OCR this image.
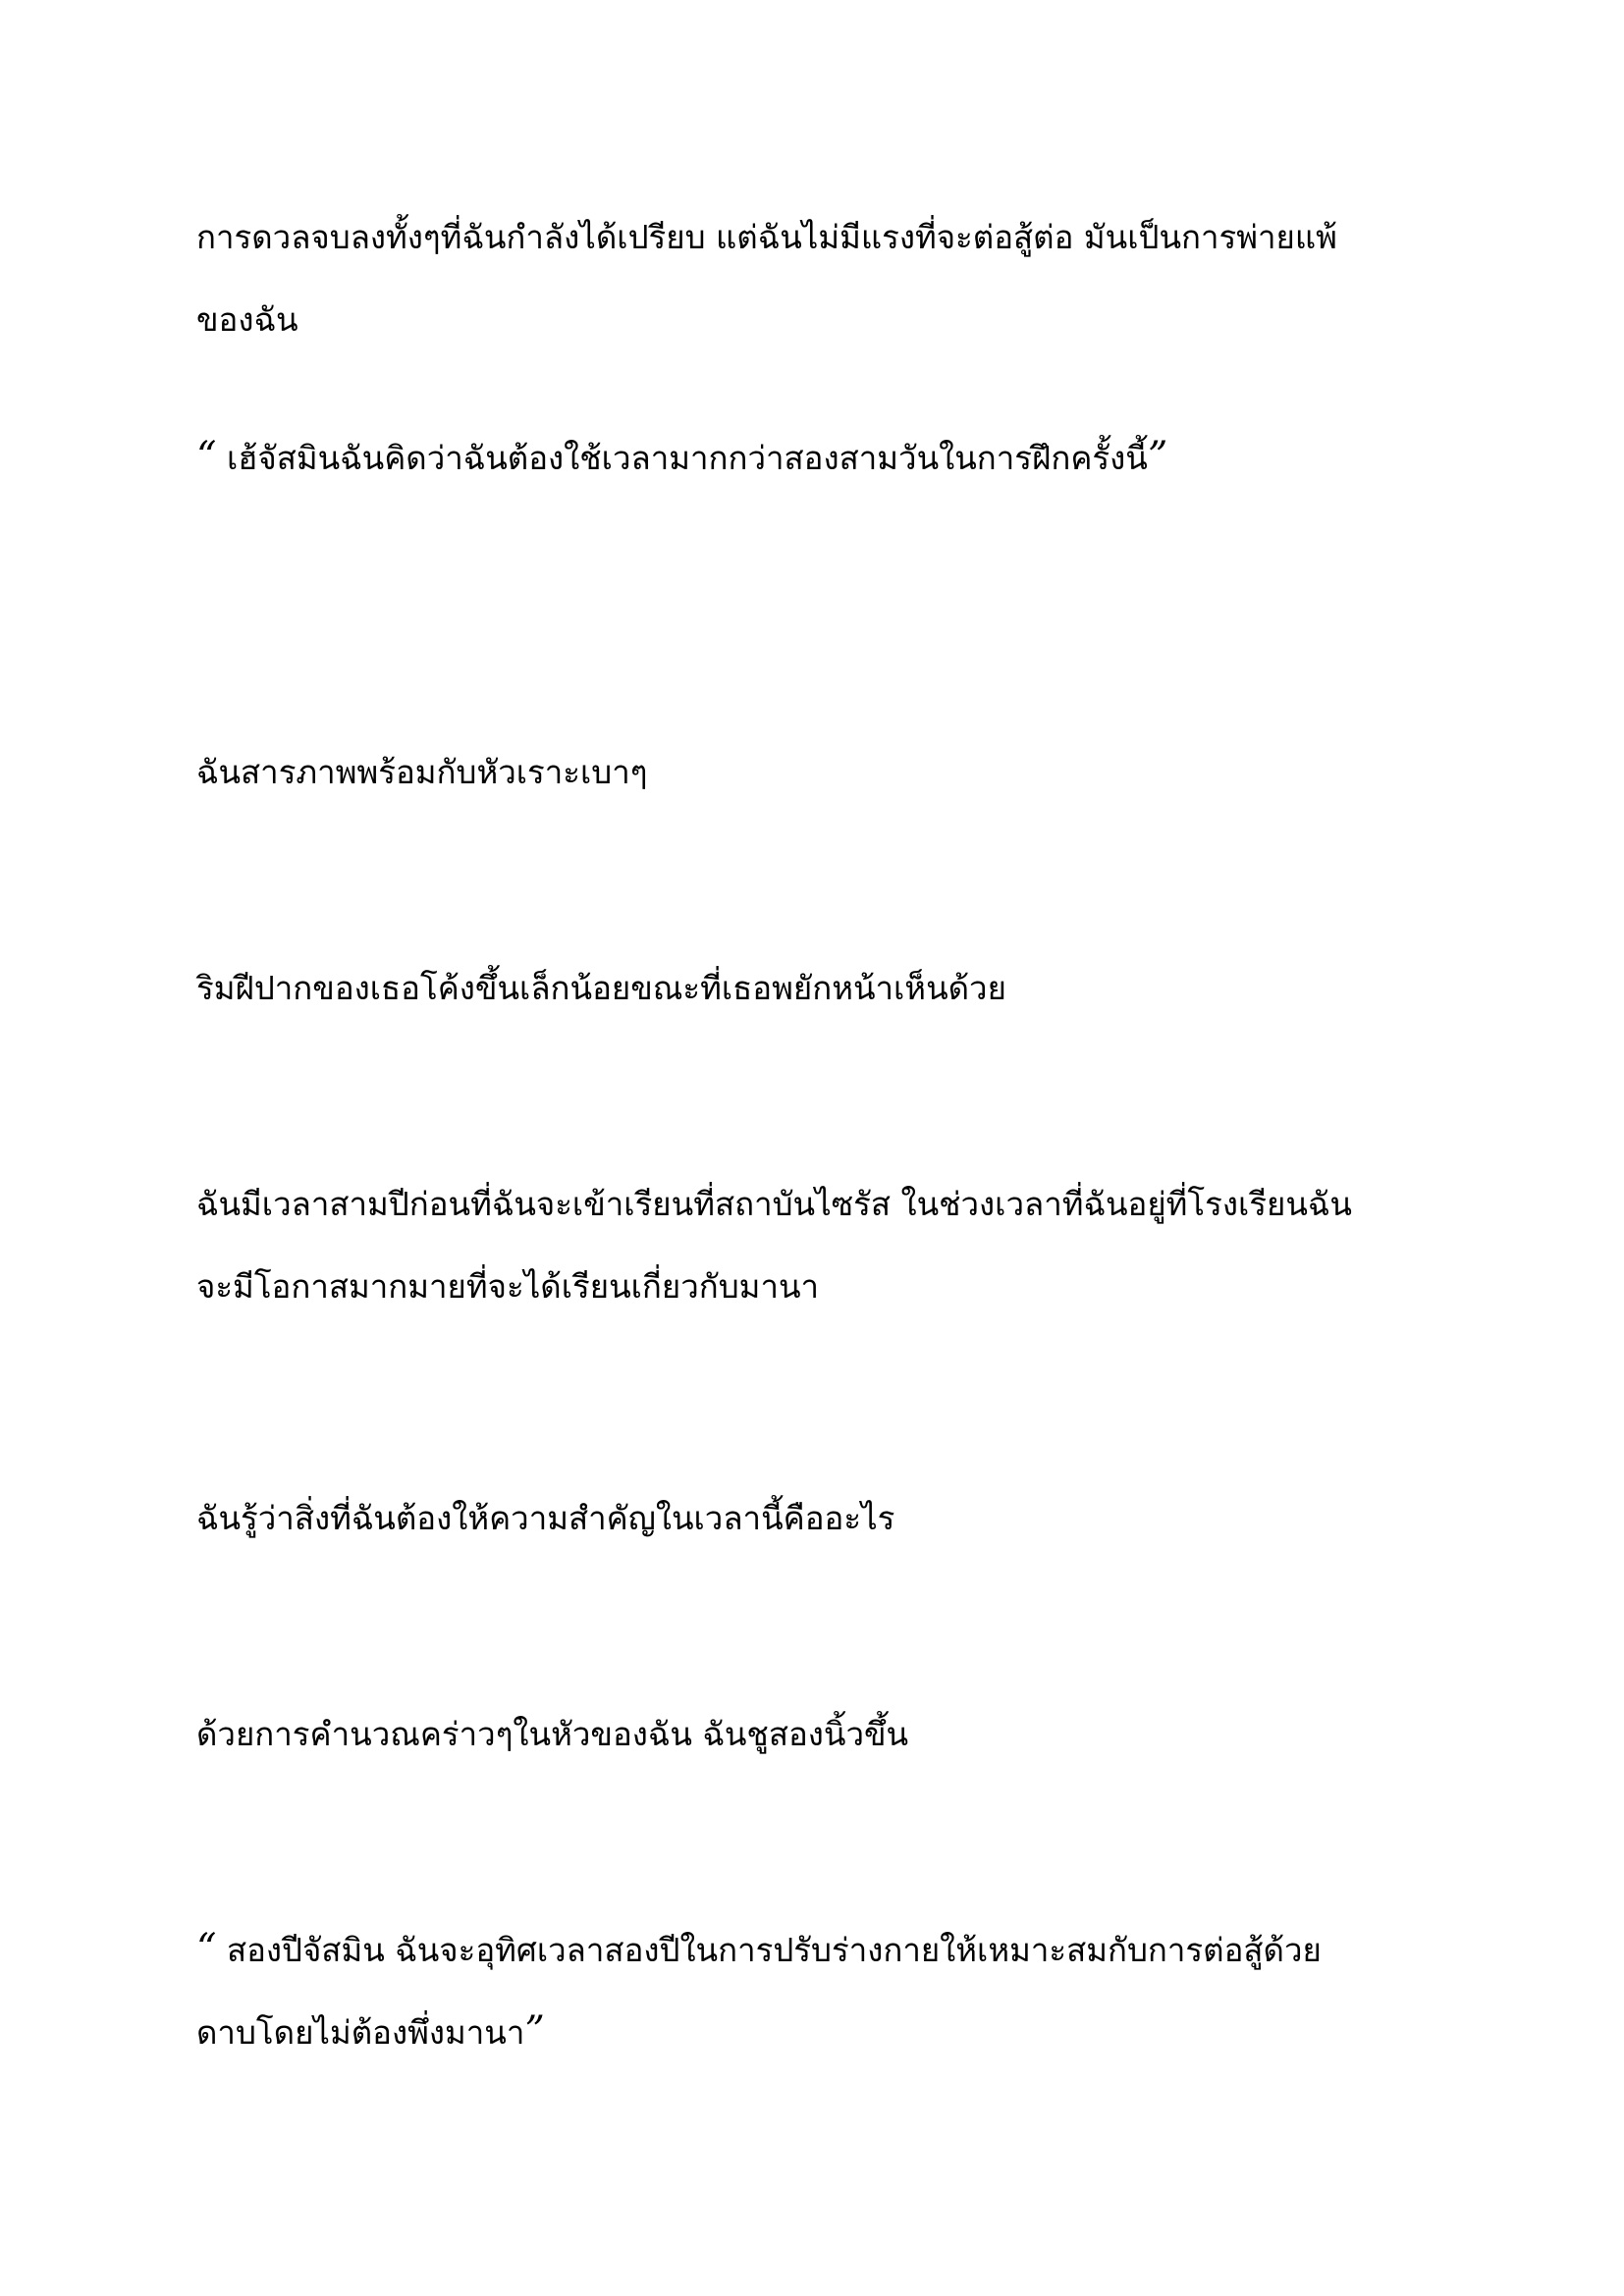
การดวลจบลงทั้งๆที่ฉันกำลังได้เปรียบ แต่ฉันไม่มีแรงที่จะต่อสู้ต่อ มันเป็นการพ่ายแพ้
ของฉัน

“ เฮ้จัสมินฉันคิดว่าฉันต้องใช้เวลามากกว่าสองสามวันในการฝึกครั้งนี้”

ฉันสารภาพพร้อมกับหัวเราะเบาๆ

ริมฝีปากของเธอโค้งขึ้นเล็กน้อยขณะที่เธอพยักหน้าเห็นด้วย

ฉันมีเวลาสามปีก่อนที่ฉันจะเข้าเรียนที่สถาบันไซรัส ในช่วงเวลาที่ฉันอยู่ที่โรงเรียนฉัน
จะมีโอกาสมากมายที่จะได้เรียนเกี่ยวกับมานา

ฉันรู้ว่าสิ่งที่ฉันต้องให้ความสำคัญในเวลานี้คืออะไร

ด้วยการคำนวณคร่าวๆในหัวของฉัน ฉันชูสองนิ้วขึ้น

“ สองปีจัสมิน ฉันจะอุทิศเวลาสองปีในการปรับร่างกายให้เหมาะสมกับการต่อสู้ด้วย
ดาบโดยไม่ต้องพึ่งมานา”
